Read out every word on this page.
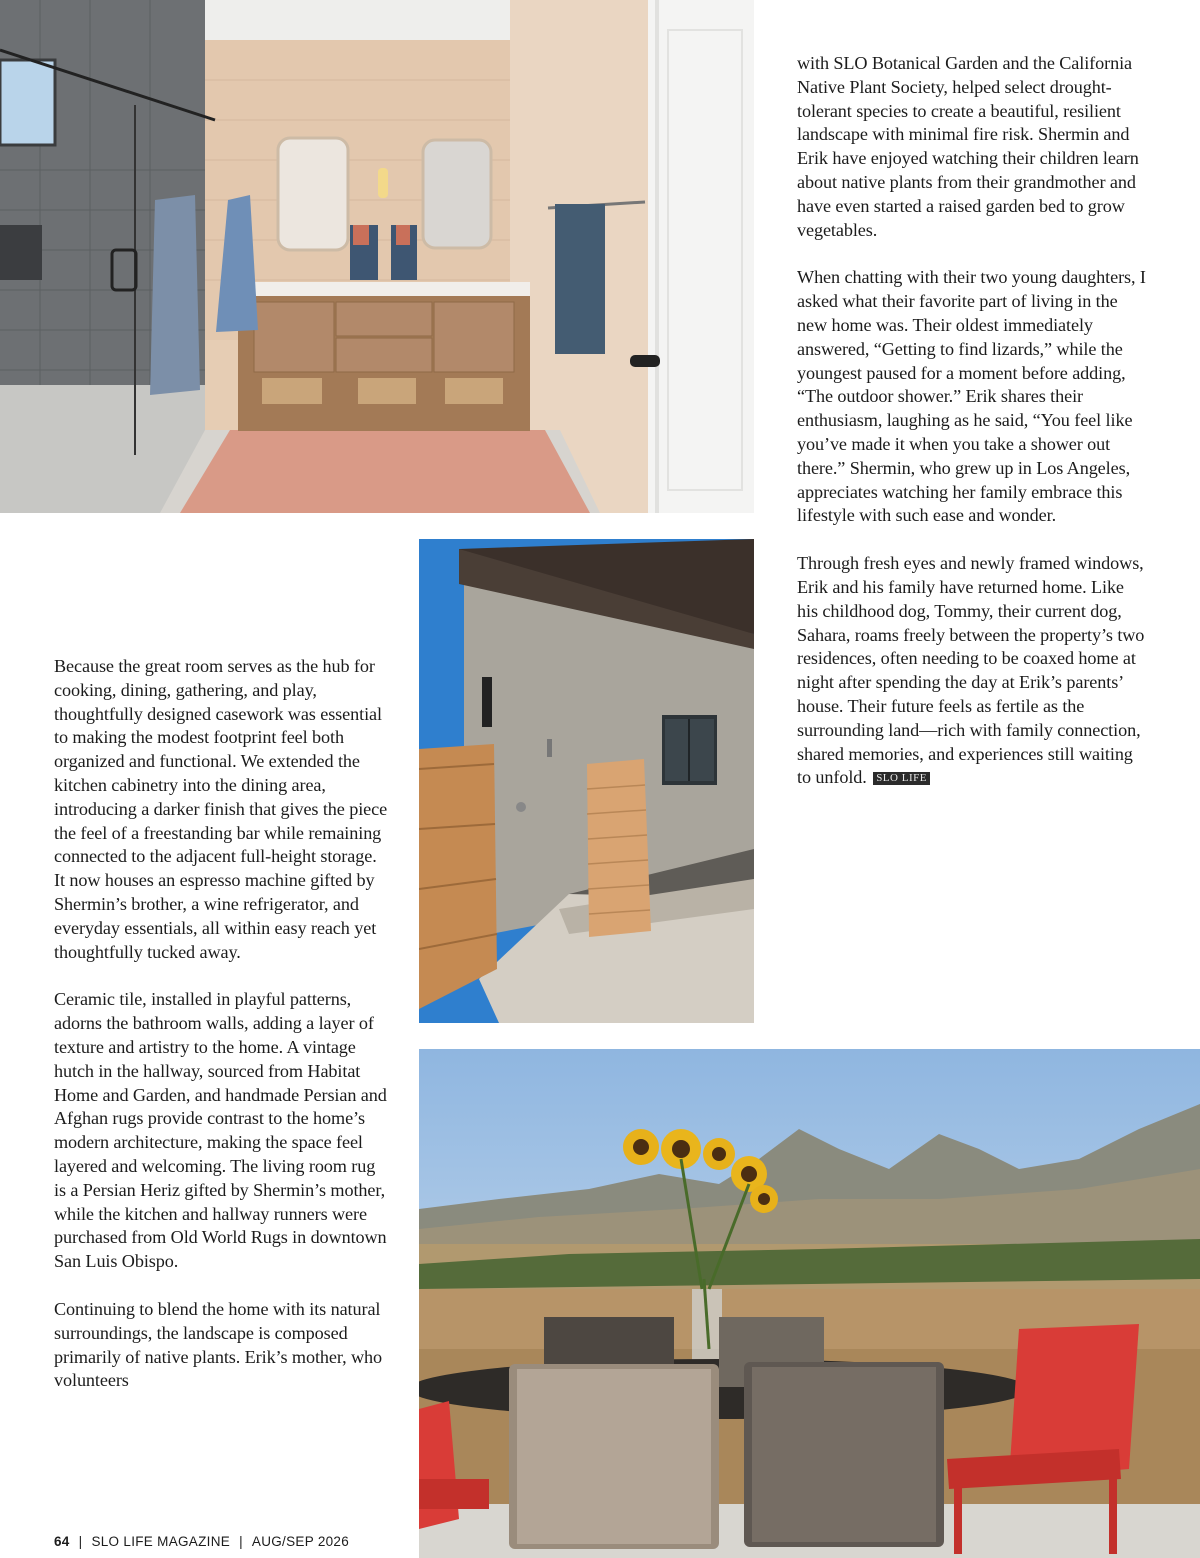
Because the great room serves as the hub for cooking, dining, gathering, and play, thoughtfully designed casework was essential to making the modest footprint feel both organized and functional. We extended the kitchen cabinetry into the dining area, introducing a darker finish that gives the piece the feel of a freestanding bar while remaining connected to the adjacent full-height storage. It now houses an espresso machine gifted by Shermin’s brother, a wine refrigerator, and everyday essentials, all within easy reach yet thoughtfully tucked away.

Ceramic tile, installed in playful patterns, adorns the bathroom walls, adding a layer of texture and artistry to the home. A vintage hutch in the hallway, sourced from Habitat Home and Garden, and handmade Persian and Afghan rugs provide contrast to the home’s modern architecture, making the space feel layered and welcoming. The living room rug is a Persian Heriz gifted by Shermin’s mother, while the kitchen and hallway runners were purchased from Old World Rugs in downtown San Luis Obispo.

Continuing to blend the home with its natural surroundings, the landscape is composed primarily of native plants. Erik’s mother, who volunteers

with SLO Botanical Garden and the California Native Plant Society, helped select drought-tolerant species to create a beautiful, resilient landscape with minimal fire risk. Shermin and Erik have enjoyed watching their children learn about native plants from their grandmother and have even started a raised garden bed to grow vegetables.

When chatting with their two young daughters, I asked what their favorite part of living in the new home was. Their oldest immediately answered, “Getting to find lizards,” while the youngest paused for a moment before adding, “The outdoor shower.” Erik shares their enthusiasm, laughing as he said, “You feel like you’ve made it when you take a shower out there.” Shermin, who grew up in Los Angeles, appreciates watching her family embrace this lifestyle with such ease and wonder.

Through fresh eyes and newly framed windows, Erik and his family have returned home. Like his childhood dog, Tommy, their current dog, Sahara, roams freely between the property’s two residences, often needing to be coaxed home at night after spending the day at Erik’s parents’ house. Their future feels as fertile as the surrounding land—rich with family connection, shared memories, and experiences still waiting to unfold. SLO LIFE

64 | SLO LIFE MAGAZINE | AUG/SEP 2026
